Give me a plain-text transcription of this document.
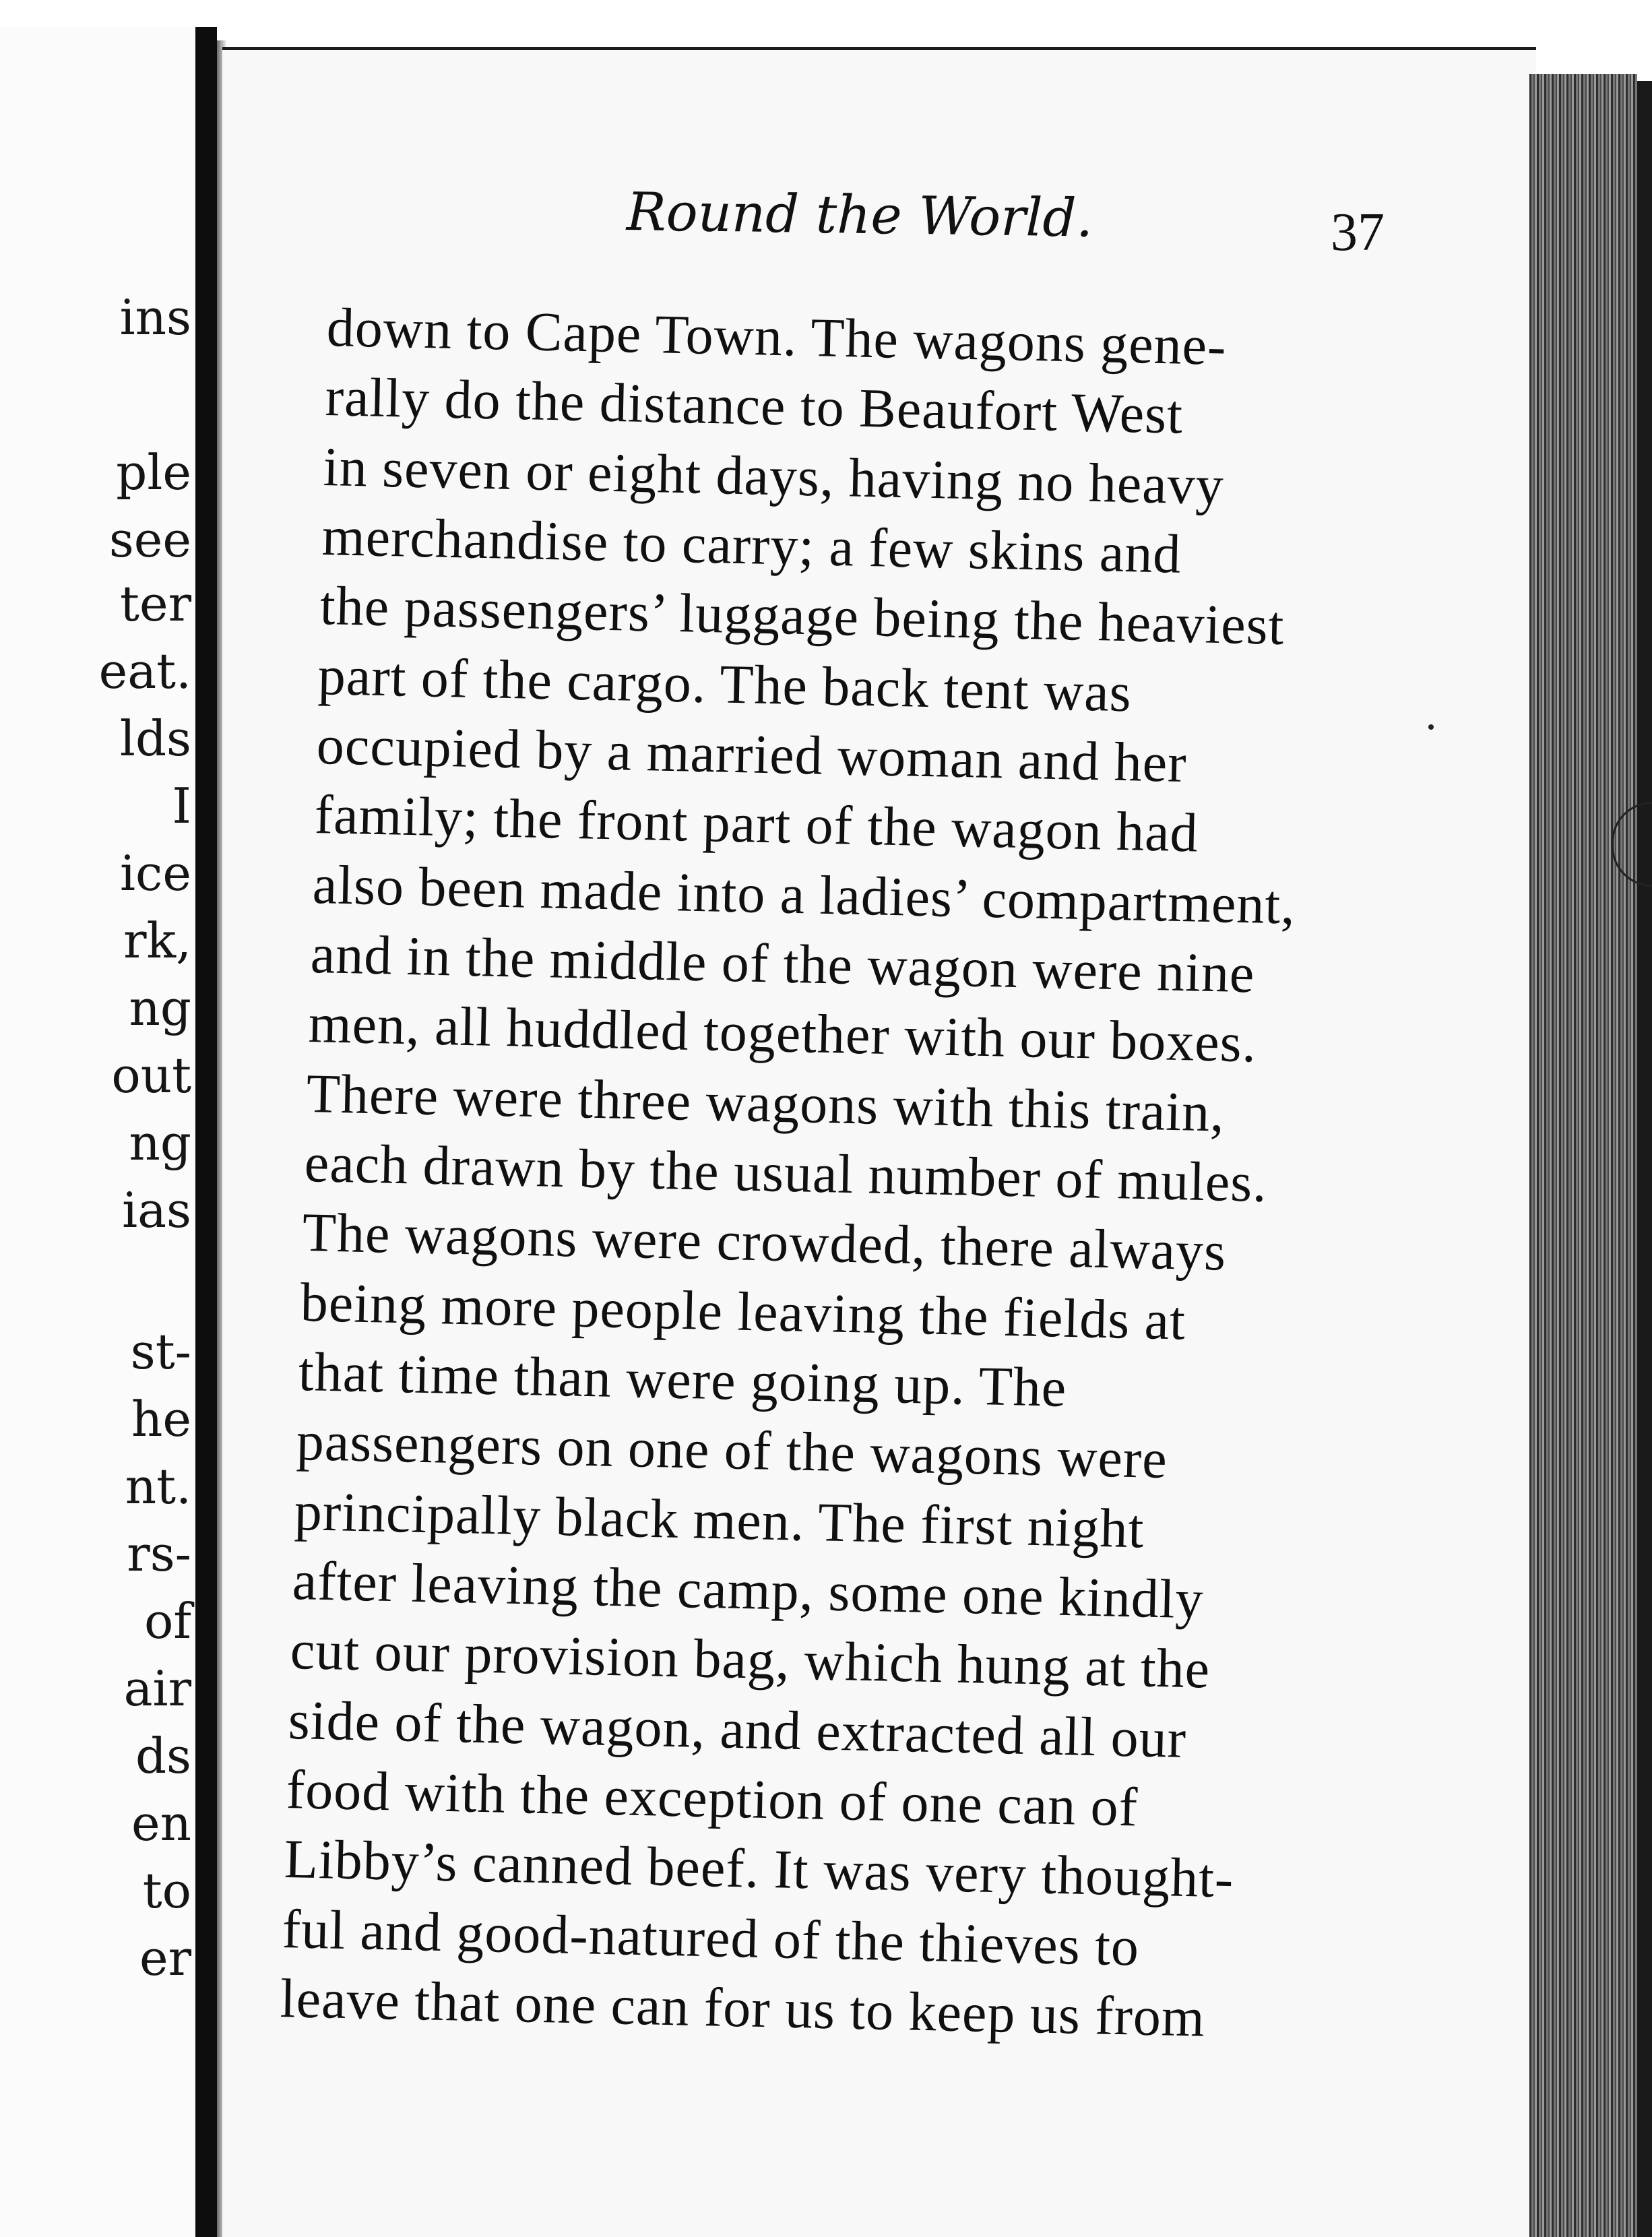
ins
ple
see
ter
eat.
lds
I
ice
rk,
ng
out
ng
ias
st-
he
nt.
rs-
of
air
ds
en
to
er
Round the World.	37
down to Cape Town. The wagons gene-
rally do the distance to Beaufort West
in seven or eight days, having no heavy
merchandise to carry; a few skins and
the passengers’ luggage being the heaviest
part of the cargo. The back tent was
occupied by a married woman and her
family; the front part of the wagon had
also been made into a ladies’ compartment,
and in the middle of the wagon were nine
men, all huddled together with our boxes.
There were three wagons with this train,
each drawn by the usual number of mules.
The wagons were crowded, there always
being more people leaving the fields at
that time than were going up. The
passengers on one of the wagons were
principally black men. The first night
after leaving the camp, some one kindly
cut our provision bag, which hung at the
side of the wagon, and extracted all our
food with the exception of one can of
Libby’s canned beef. It was very thought-
ful and good-natured of the thieves to
leave that one can for us to keep us from
